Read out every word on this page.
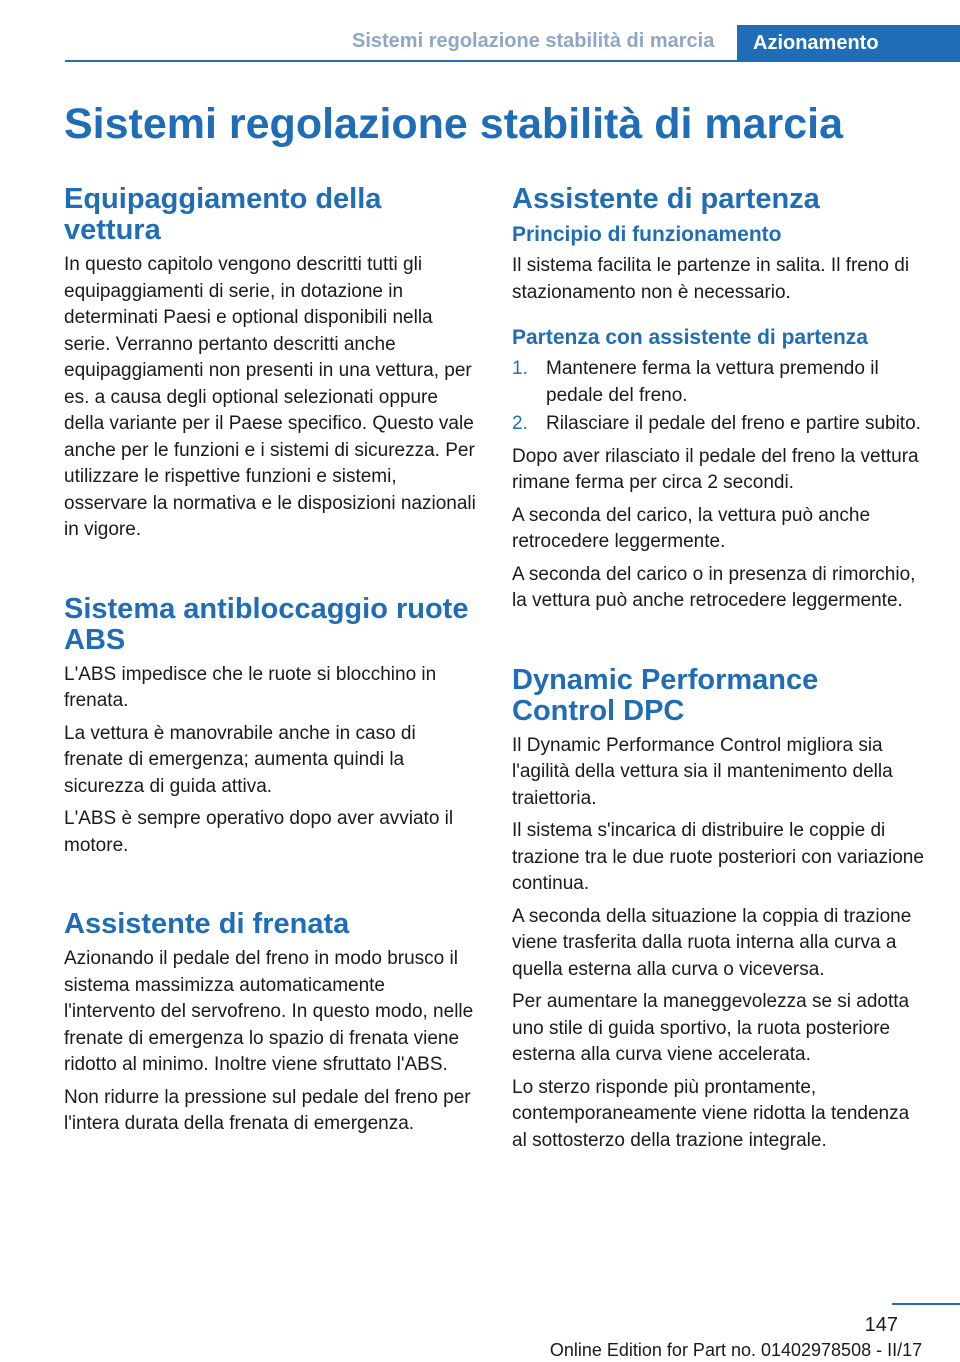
Sistemi regolazione stabilità di marcia	Azionamento
Sistemi regolazione stabilità di marcia
Equipaggiamento della vettura

In questo capitolo vengono descritti tutti gli equipaggiamenti di serie, in dotazione in determinati Paesi e optional disponibili nella serie. Verranno pertanto descritti anche equipaggiamenti non presenti in una vettura, per es. a causa degli optional selezionati oppure della variante per il Paese specifico. Questo vale anche per le funzioni e i sistemi di sicurezza. Per utilizzare le rispettive funzioni e sistemi, osservare la normativa e le disposizioni nazionali in vigore.

Sistema antibloccaggio ruote ABS

L'ABS impedisce che le ruote si blocchino in frenata.

La vettura è manovrabile anche in caso di frenate di emergenza; aumenta quindi la sicurezza di guida attiva.

L'ABS è sempre operativo dopo aver avviato il motore.

Assistente di frenata

Azionando il pedale del freno in modo brusco il sistema massimizza automaticamente l'intervento del servofreno. In questo modo, nelle frenate di emergenza lo spazio di frenata viene ridotto al minimo. Inoltre viene sfruttato l'ABS.

Non ridurre la pressione sul pedale del freno per l'intera durata della frenata di emergenza.

Assistente di partenza
Principio di funzionamento

Il sistema facilita le partenze in salita. Il freno di stazionamento non è necessario.

Partenza con assistente di partenza
1. Mantenere ferma la vettura premendo il pedale del freno.
2. Rilasciare il pedale del freno e partire subito.

Dopo aver rilasciato il pedale del freno la vettura rimane ferma per circa 2 secondi.

A seconda del carico, la vettura può anche retrocedere leggermente.

A seconda del carico o in presenza di rimorchio, la vettura può anche retrocedere leggermente.

Dynamic Performance Control DPC

Il Dynamic Performance Control migliora sia l'agilità della vettura sia il mantenimento della traiettoria.

Il sistema s'incarica di distribuire le coppie di trazione tra le due ruote posteriori con variazione continua.

A seconda della situazione la coppia di trazione viene trasferita dalla ruota interna alla curva a quella esterna alla curva o viceversa.

Per aumentare la maneggevolezza se si adotta uno stile di guida sportivo, la ruota posteriore esterna alla curva viene accelerata.

Lo sterzo risponde più prontamente, contemporaneamente viene ridotta la tendenza al sottosterzo della trazione integrale.

147
Online Edition for Part no. 01402978508 - II/17
